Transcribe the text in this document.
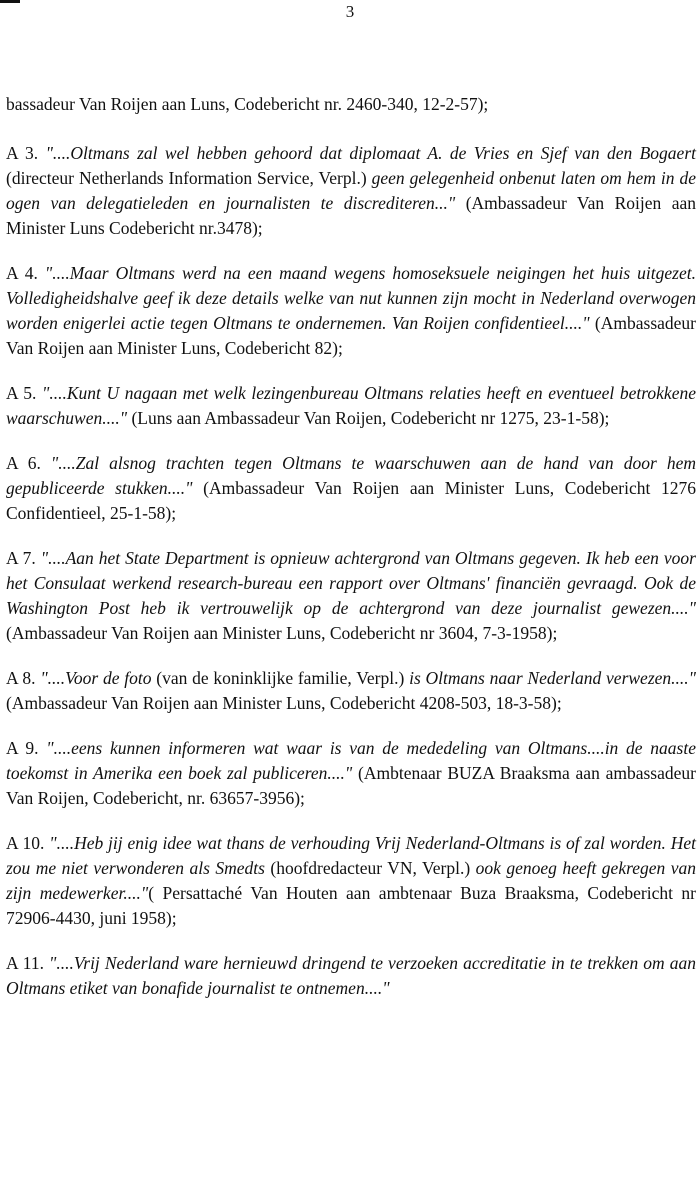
3

bassadeur Van Roijen aan Luns, Codebericht nr. 2460-340, 12-2-57);

A 3. "....Oltmans zal wel hebben gehoord dat diplomaat A. de Vries en Sjef van den Bogaert (directeur Netherlands Information Service, Verpl.) geen gelegenheid onbenut laten om hem in de ogen van delegatieleden en journalisten te discrediteren..." (Ambassadeur Van Roijen aan Minister Luns Codebericht nr.3478);

A 4. "....Maar Oltmans werd na een maand wegens homoseksuele neigingen het huis uitgezet. Volledigheidshalve geef ik deze details welke van nut kunnen zijn mocht in Nederland overwogen worden enigerlei actie tegen Oltmans te ondernemen. Van Roijen confidentieel...." (Ambassadeur Van Roijen aan Minister Luns, Codebericht 82);

A 5. "....Kunt U nagaan met welk lezingenbureau Oltmans relaties heeft en eventueel betrokkene waarschuwen...." (Luns aan Ambassadeur Van Roijen, Codebericht nr 1275, 23-1-58);

A 6. "....Zal alsnog trachten tegen Oltmans te waarschuwen aan de hand van door hem gepubliceerde stukken...." (Ambassadeur Van Roijen aan Minister Luns, Codebericht 1276 Confidentieel, 25-1-58);

A 7. "....Aan het State Department is opnieuw achtergrond van Oltmans gegeven. Ik heb een voor het Consulaat werkend research-bureau een rapport over Oltmans' financiën gevraagd. Ook de Washington Post heb ik vertrouwelijk op de achtergrond van deze journalist gewezen...." (Ambassadeur Van Roijen aan Minister Luns, Codebericht nr 3604, 7-3-1958);

A 8. "....Voor de foto (van de koninklijke familie, Verpl.) is Oltmans naar Nederland verwezen...." (Ambassadeur Van Roijen aan Minister Luns, Codebericht 4208-503, 18-3-58);

A 9. "....eens kunnen informeren wat waar is van de mededeling van Oltmans....in de naaste toekomst in Amerika een boek zal publiceren...." (Ambtenaar BUZA Braaksma aan ambassadeur Van Roijen, Codebericht, nr. 63657-3956);

A 10. "....Heb jij enig idee wat thans de verhouding Vrij Nederland-Oltmans is of zal worden. Het zou me niet verwonderen als Smedts (hoofdredacteur VN, Verpl.) ook genoeg heeft gekregen van zijn medewerker...."( Persattaché Van Houten aan ambtenaar Buza Braaksma, Codebericht nr 72906-4430, juni 1958);

A 11. "....Vrij Nederland ware hernieuwd dringend te verzoeken accreditatie in te trekken om aan Oltmans etiket van bonafide journalist te ontnemen...."
